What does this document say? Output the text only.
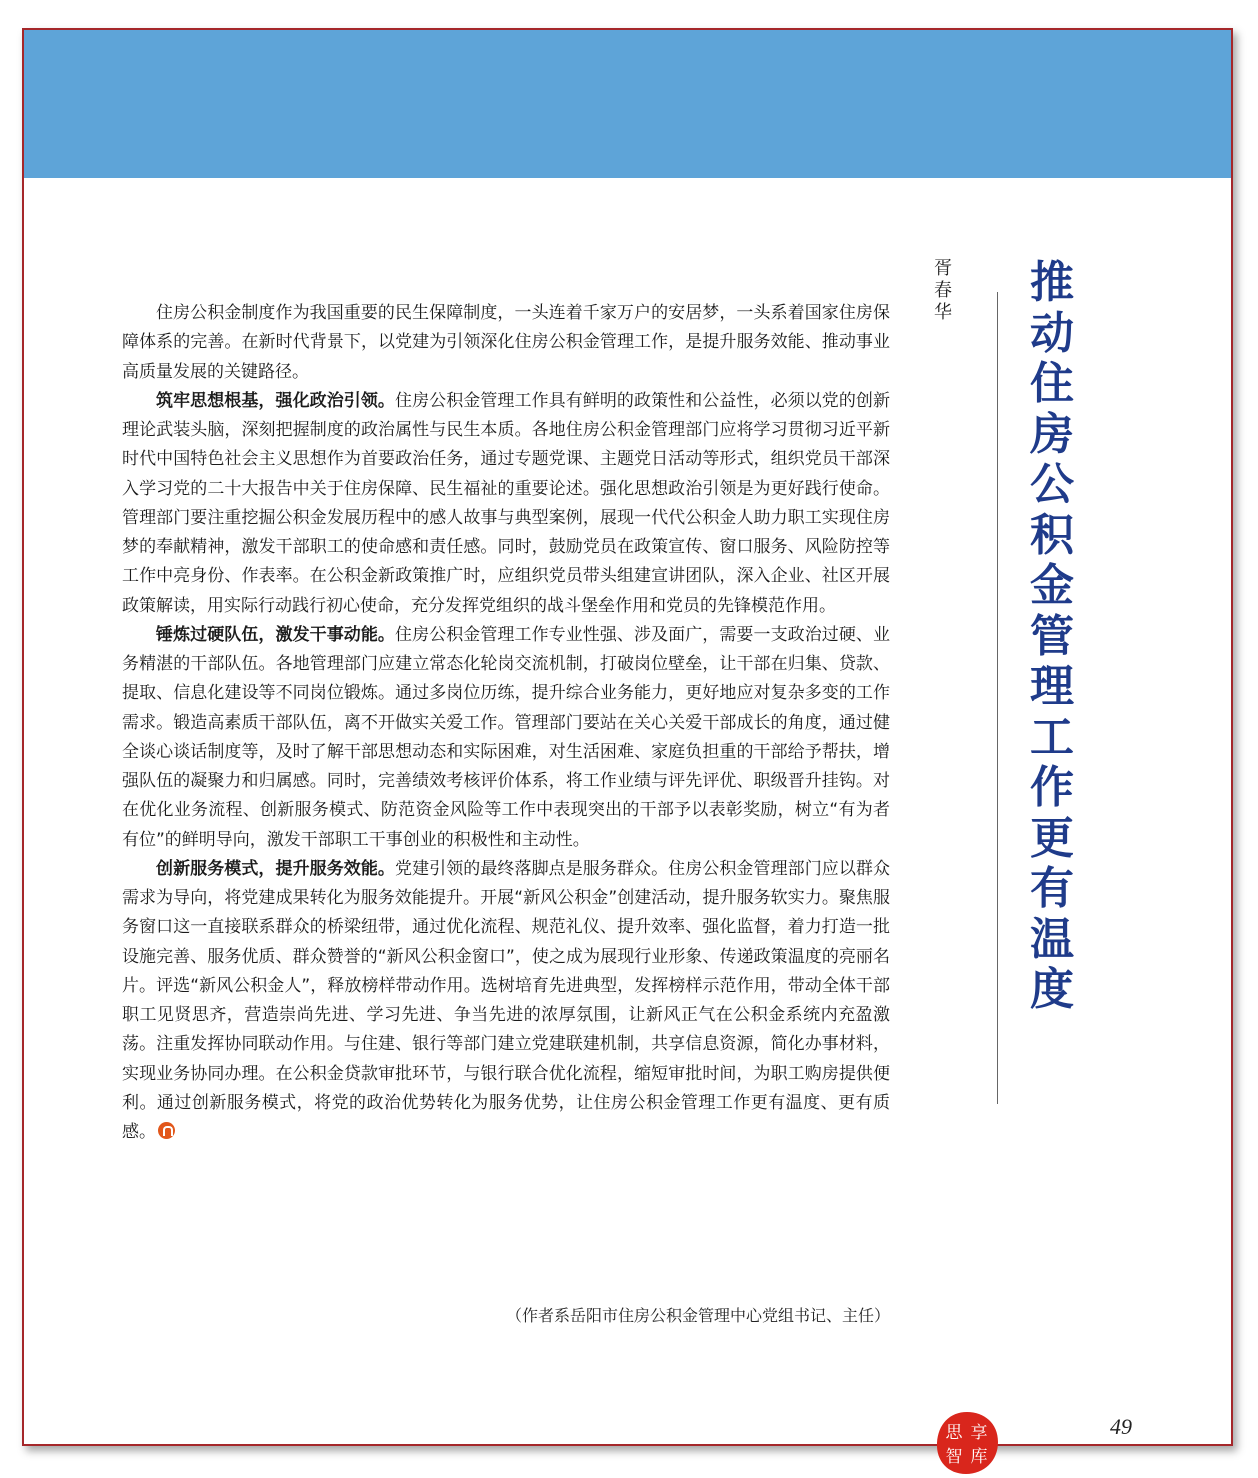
推
动
住
房
公
积
金
管
理
工
作
更
有
温
度
胥
春
华
思 享
智 库

住房公积金制度作为我国重要的民生保障制度，一头连着千家万户的安居梦，一头系着国家住房保障体系的完善。在新时代背景下，以党建为引领深化住房公积金管理工作，是提升服务效能、推动事业高质量发展的关键路径。

筑牢思想根基，强化政治引领。住房公积金管理工作具有鲜明的政策性和公益性，必须以党的创新理论武装头脑，深刻把握制度的政治属性与民生本质。各地住房公积金管理部门应将学习贯彻习近平新时代中国特色社会主义思想作为首要政治任务，通过专题党课、主题党日活动等形式，组织党员干部深入学习党的二十大报告中关于住房保障、民生福祉的重要论述。强化思想政治引领是为更好践行使命。管理部门要注重挖掘公积金发展历程中的感人故事与典型案例，展现一代代公积金人助力职工实现住房梦的奉献精神，激发干部职工的使命感和责任感。同时，鼓励党员在政策宣传、窗口服务、风险防控等工作中亮身份、作表率。在公积金新政策推广时，应组织党员带头组建宣讲团队，深入企业、社区开展政策解读，用实际行动践行初心使命，充分发挥党组织的战斗堡垒作用和党员的先锋模范作用。

锤炼过硬队伍，激发干事动能。住房公积金管理工作专业性强、涉及面广，需要一支政治过硬、业务精湛的干部队伍。各地管理部门应建立常态化轮岗交流机制，打破岗位壁垒，让干部在归集、贷款、提取、信息化建设等不同岗位锻炼。通过多岗位历练，提升综合业务能力，更好地应对复杂多变的工作需求。锻造高素质干部队伍，离不开做实关爱工作。管理部门要站在关心关爱干部成长的角度，通过健全谈心谈话制度等，及时了解干部思想动态和实际困难，对生活困难、家庭负担重的干部给予帮扶，增强队伍的凝聚力和归属感。同时，完善绩效考核评价体系，将工作业绩与评先评优、职级晋升挂钩。对在优化业务流程、创新服务模式、防范资金风险等工作中表现突出的干部予以表彰奖励，树立“有为者有位”的鲜明导向，激发干部职工干事创业的积极性和主动性。

创新服务模式，提升服务效能。党建引领的最终落脚点是服务群众。住房公积金管理部门应以群众需求为导向，将党建成果转化为服务效能提升。开展“新风公积金”创建活动，提升服务软实力。聚焦服务窗口这一直接联系群众的桥梁纽带，通过优化流程、规范礼仪、提升效率、强化监督，着力打造一批设施完善、服务优质、群众赞誉的“新风公积金窗口”，使之成为展现行业形象、传递政策温度的亮丽名片。评选“新风公积金人”，释放榜样带动作用。选树培育先进典型，发挥榜样示范作用，带动全体干部职工见贤思齐，营造崇尚先进、学习先进、争当先进的浓厚氛围，让新风正气在公积金系统内充盈激荡。注重发挥协同联动作用。与住建、银行等部门建立党建联建机制，共享信息资源，简化办事材料，实现业务协同办理。在公积金贷款审批环节，与银行联合优化流程，缩短审批时间，为职工购房提供便利。通过创新服务模式，将党的政治优势转化为服务优势，让住房公积金管理工作更有温度、更有质感。

（作者系岳阳市住房公积金管理中心党组书记、主任）
49
